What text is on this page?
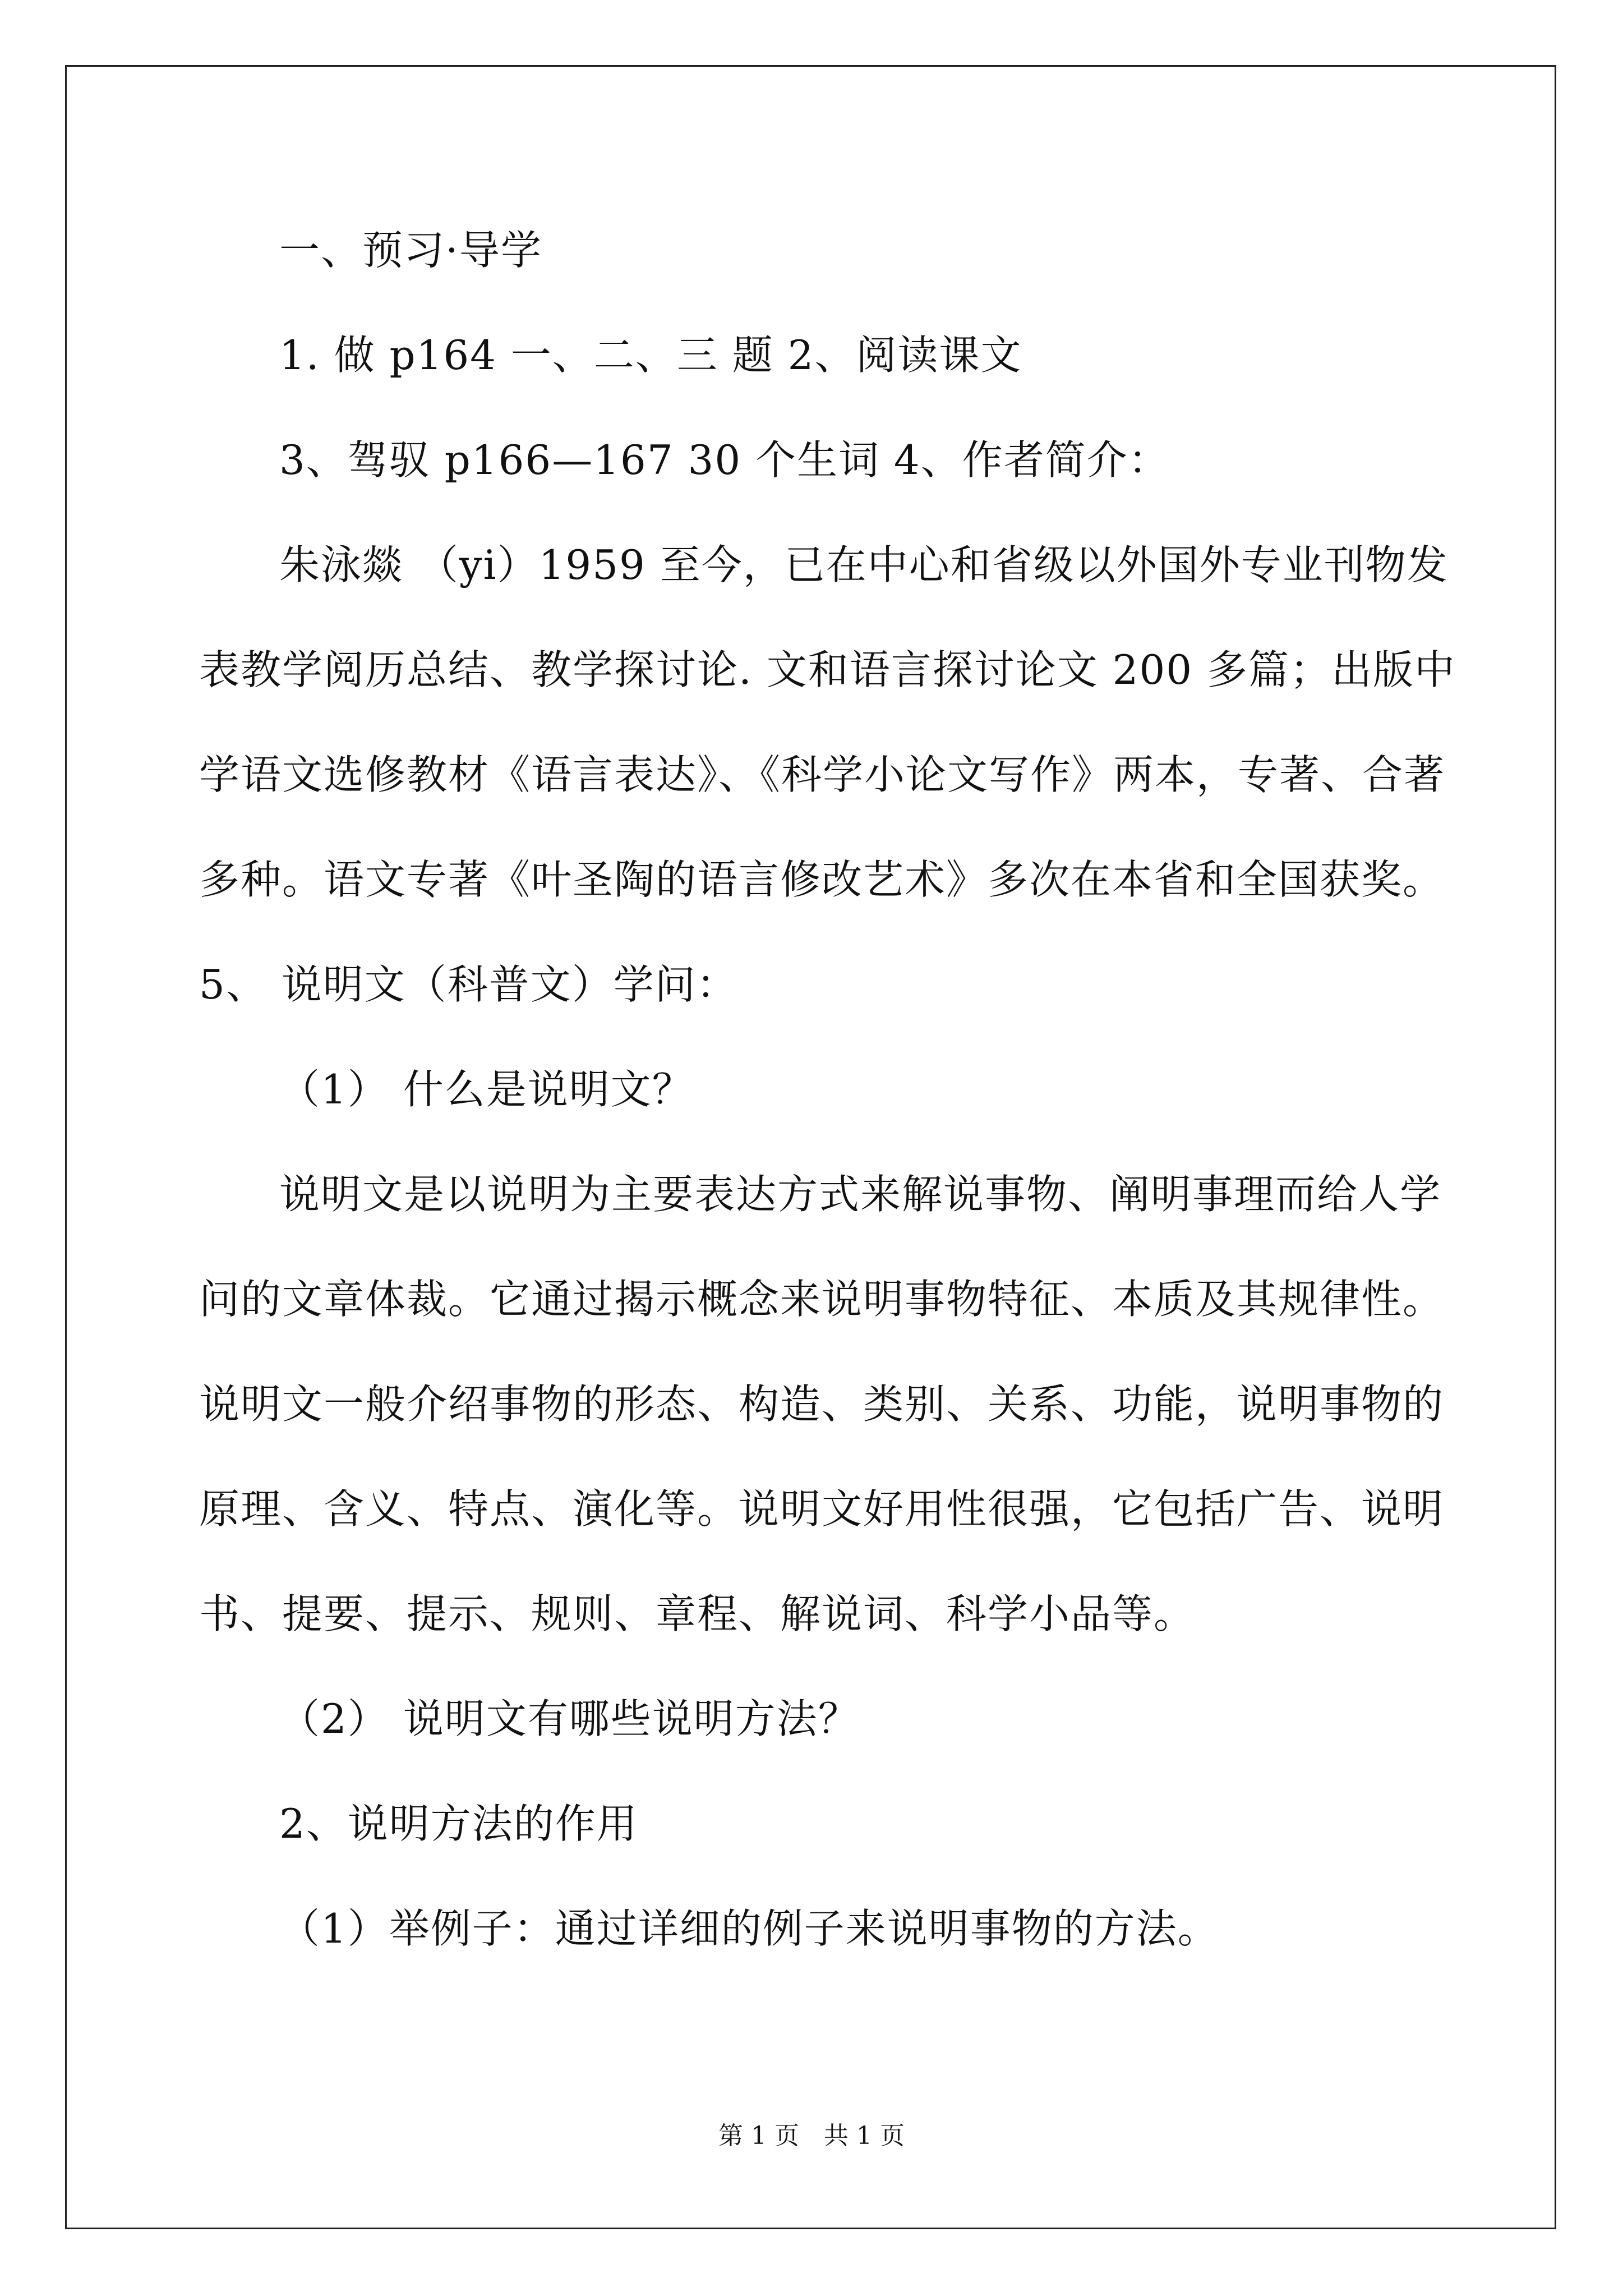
一、预习·导学
1. 做 p164 一、二、三 题 2、阅读课文
3、驾驭 p166—167 30 个生词 4、作者简介：
朱泳燚 （yi）1959 至今，已在中心和省级以外国外专业刊物发
表教学阅历总结、教学探讨论. 文和语言探讨论文 200 多篇；出版中
学语文选修教材《语言表达》、《科学小论文写作》两本，专著、合著
多种。语文专著《叶圣陶的语言修改艺术》多次在本省和全国获奖。
5、 说明文（科普文）学问：
（1） 什么是说明文？
说明文是以说明为主要表达方式来解说事物、阐明事理而给人学
问的文章体裁。它通过揭示概念来说明事物特征、本质及其规律性。
说明文一般介绍事物的形态、构造、类别、关系、功能，说明事物的
原理、含义、特点、演化等。说明文好用性很强，它包括广告、说明
书、提要、提示、规则、章程、解说词、科学小品等。
（2） 说明文有哪些说明方法？
2、说明方法的作用
（1）举例子：通过详细的例子来说明事物的方法。
第 1 页 共 1 页
